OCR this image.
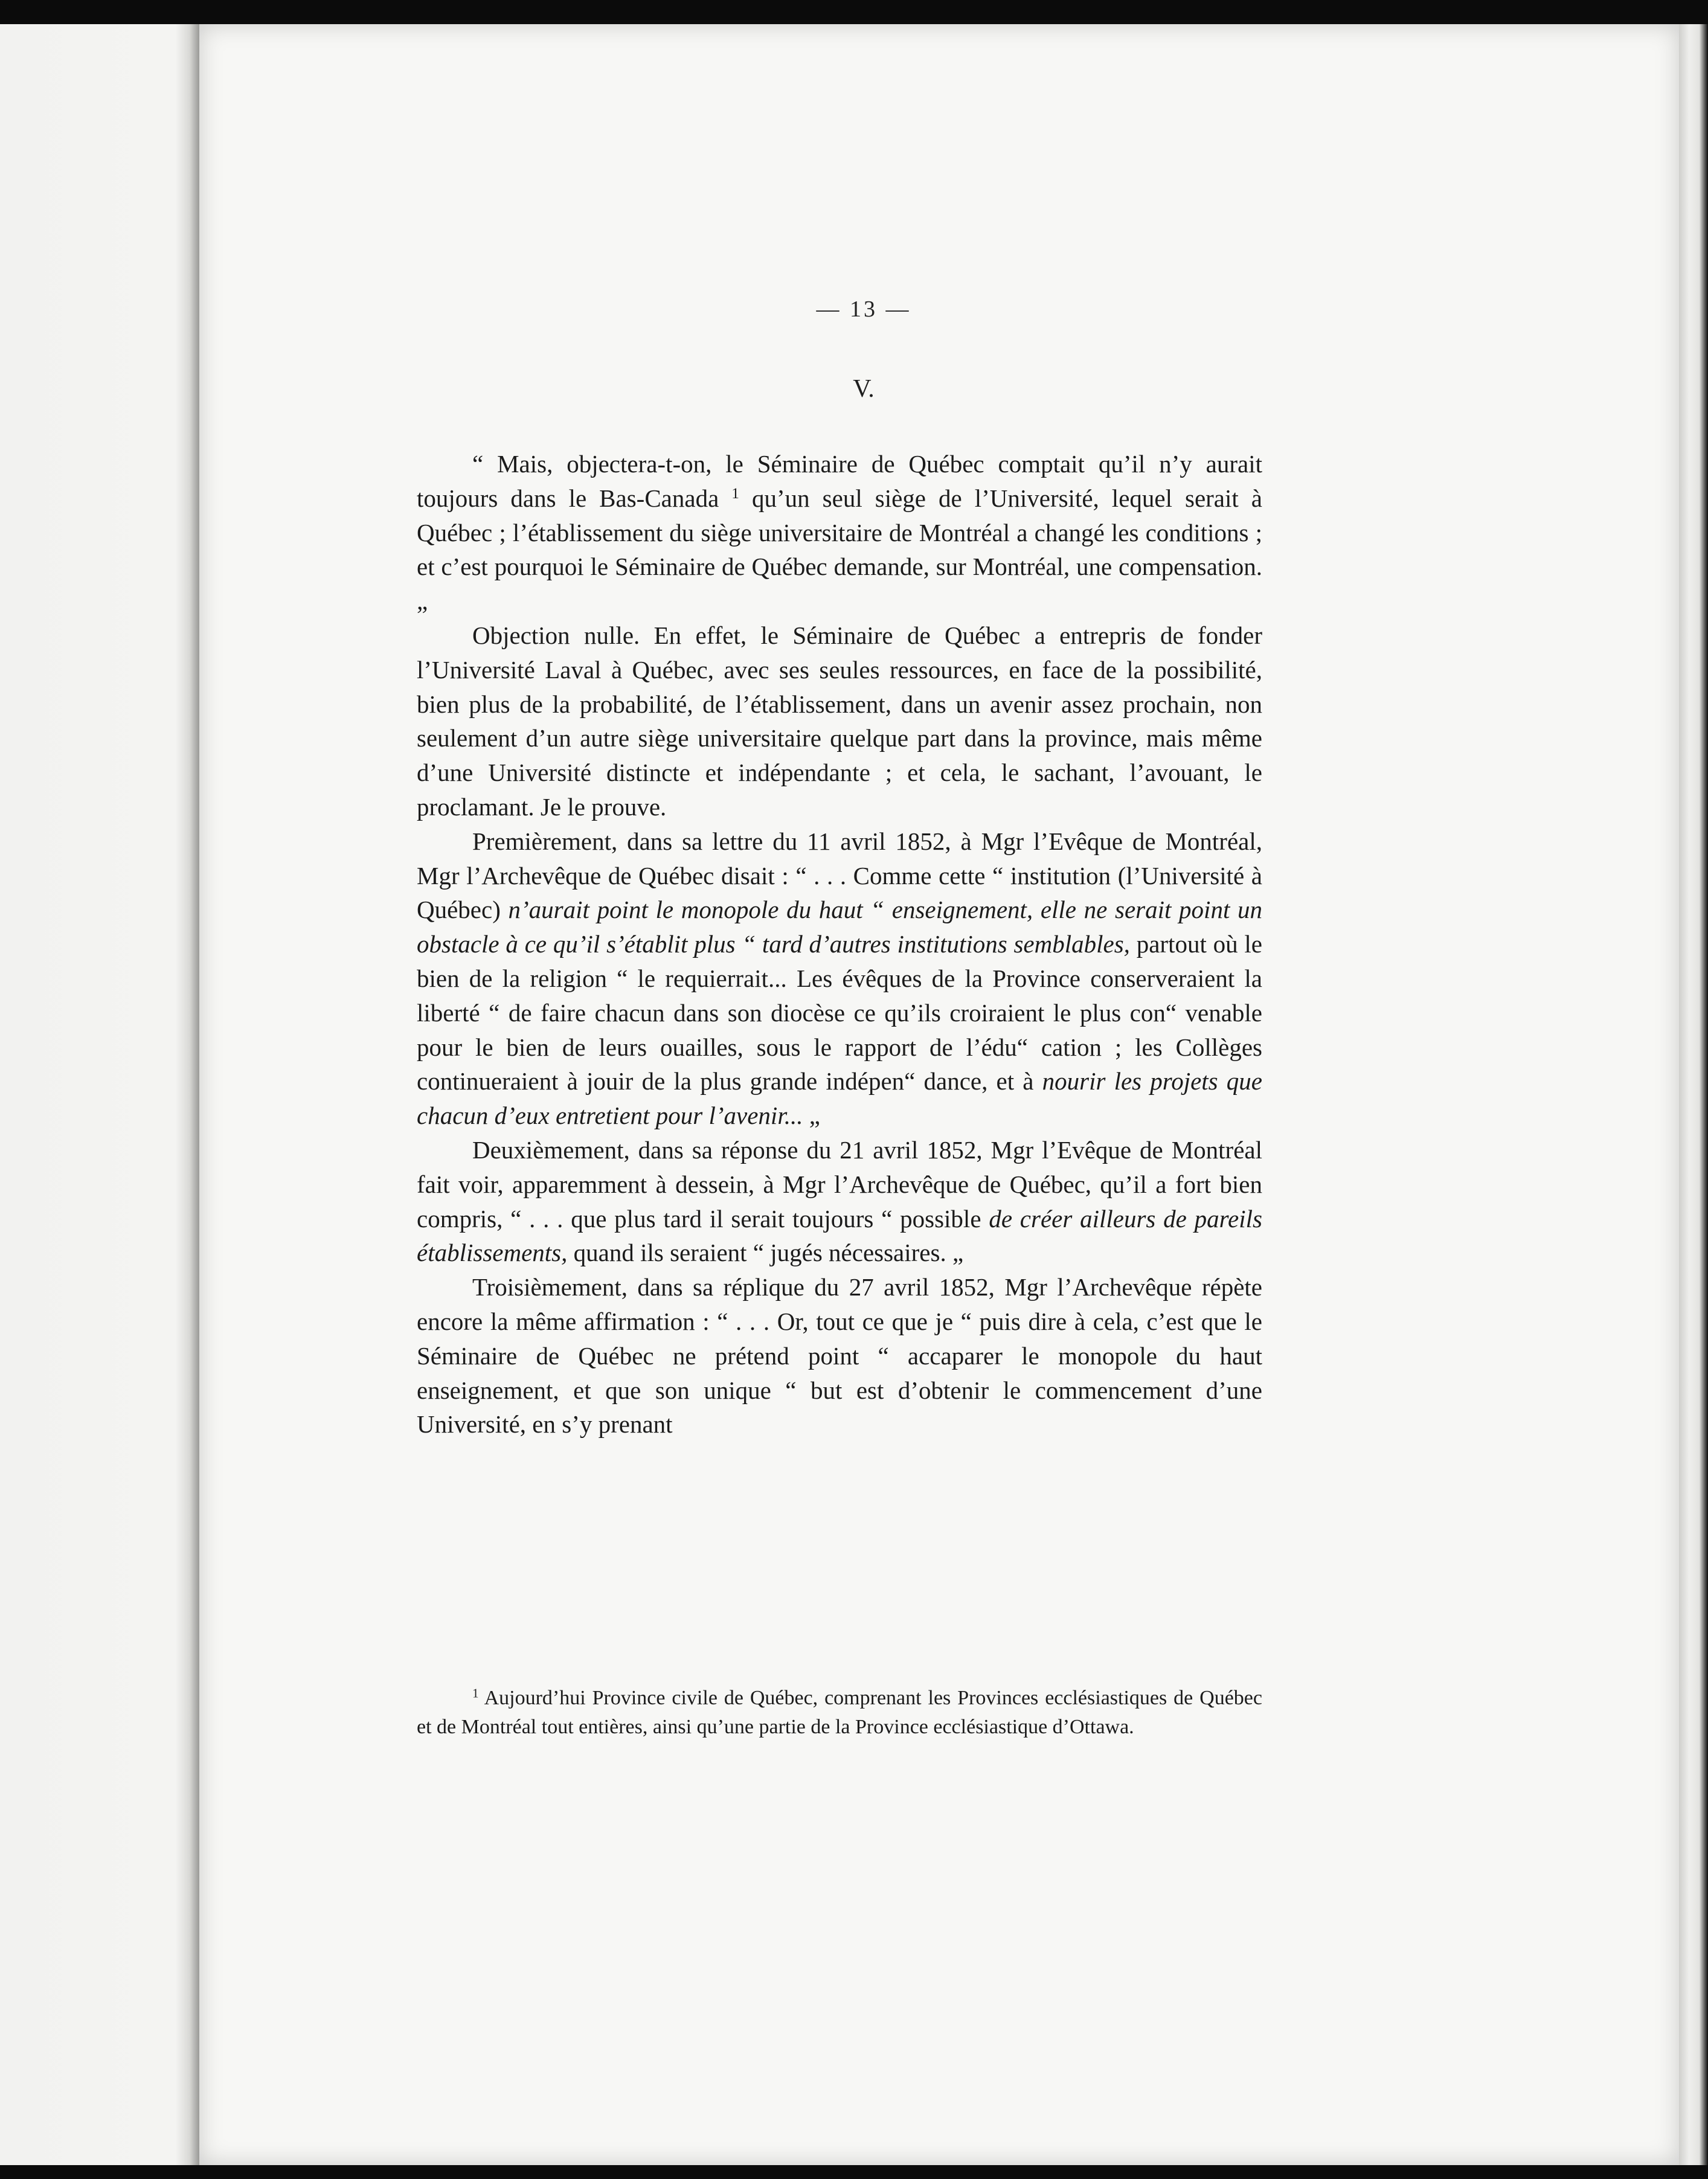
— 13 —
V.

“ Mais, objectera-t-on, le Séminaire de Québec comptait qu’il n’y aurait toujours dans le Bas-Canada $^1$ qu’un seul siège de l’Université, lequel serait à Québec ; l’établissement du siège universitaire de Montréal a changé les conditions ; et c’est pourquoi le Séminaire de Québec demande, sur Montréal, une compensation. „

Objection nulle. En effet, le Séminaire de Québec a entrepris de fonder l’Université Laval à Québec, avec ses seules ressources, en face de la possibilité, bien plus de la probabilité, de l’établissement, dans un avenir assez prochain, non seulement d’un autre siège universitaire quelque part dans la province, mais même d’une Université distincte et indépendante ; et cela, le sachant, l’avouant, le proclamant. Je le prouve.

Premièrement, dans sa lettre du 11 avril 1852, à Mgr l’Evêque de Montréal, Mgr l’Archevêque de Québec disait : “ . . . Comme cette “ institution (l’Université à Québec) n’aurait point le monopole du haut “ enseignement, elle ne serait point un obstacle à ce qu’il s’établit plus “ tard d’autres institutions semblables, partout où le bien de la religion “ le requierrait... Les évêques de la Province conserveraient la liberté “ de faire chacun dans son diocèse ce qu’ils croiraient le plus con“ venable pour le bien de leurs ouailles, sous le rapport de l’édu“ cation ; les Collèges continueraient à jouir de la plus grande indépen“ dance, et à nourir les projets que chacun d’eux entretient pour l’avenir... „

Deuxièmement, dans sa réponse du 21 avril 1852, Mgr l’Evêque de Montréal fait voir, apparemment à dessein, à Mgr l’Archevêque de Québec, qu’il a fort bien compris, “ . . . que plus tard il serait toujours “ possible de créer ailleurs de pareils établissements, quand ils seraient “ jugés nécessaires. „

Troisièmement, dans sa réplique du 27 avril 1852, Mgr l’Archevêque répète encore la même affirmation : “ . . . Or, tout ce que je “ puis dire à cela, c’est que le Séminaire de Québec ne prétend point “ accaparer le monopole du haut enseignement, et que son unique “ but est d’obtenir le commencement d’une Université, en s’y prenant

$^1$ Aujourd’hui Province civile de Québec, comprenant les Provinces ecclésiastiques de Québec et de Montréal tout entières, ainsi qu’une partie de la Province ecclésiastique d’Ottawa.
